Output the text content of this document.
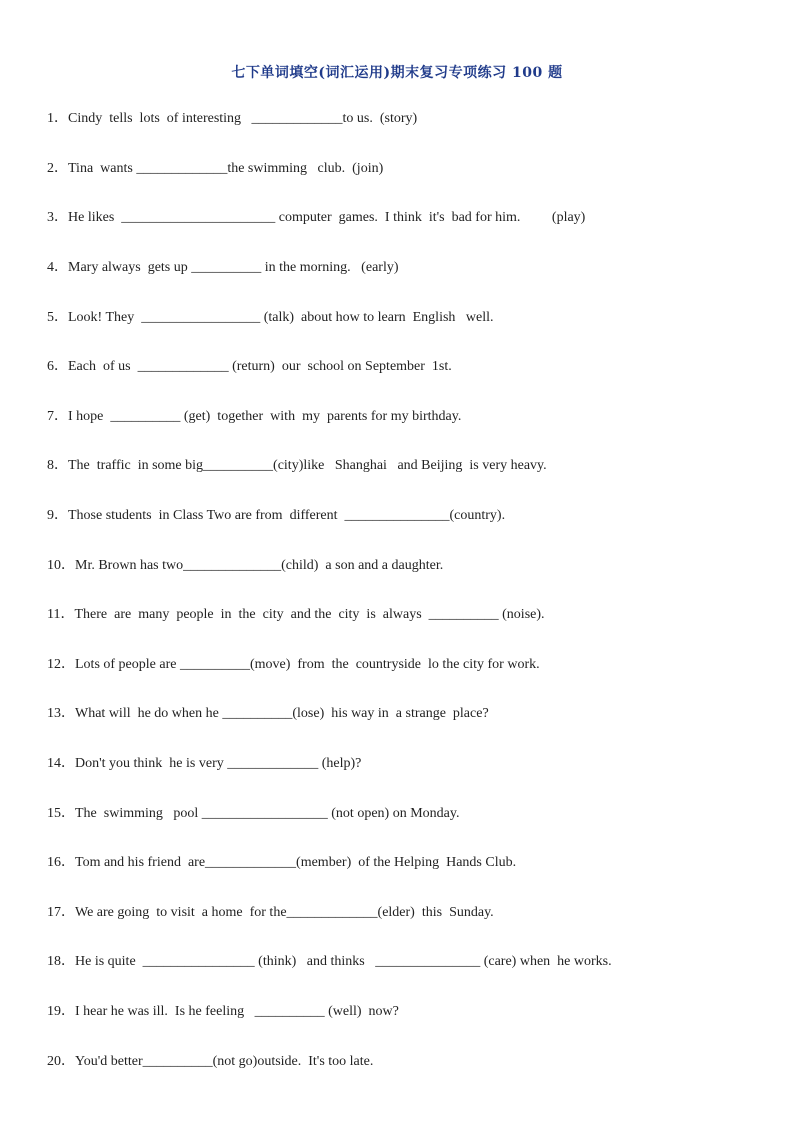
七下单词填空(词汇运用)期末复习专项练习 100 题
1．Cindy  tells  lots  of interesting   _____________to us.  (story)
2．Tina  wants _____________the swimming   club.  (join)
3．He likes  ______________________ computer  games.  I think  it's  bad for him.         (play)
4．Mary always  gets up __________ in the morning.   (early)
5．Look! They  _________________ (talk)  about how to learn  English   well.
6．Each  of us  _____________ (return)  our  school on September  1st.
7．I hope  __________ (get)  together  with  my  parents for my birthday.
8．The  traffic  in some big__________(city)like   Shanghai   and Beijing  is very heavy.
9．Those students  in Class Two are from  different  _______________(country).
10．Mr. Brown has two______________(child)  a son and a daughter.
11．There  are  many  people  in  the  city  and the  city  is  always  __________ (noise).
12．Lots of people are __________(move)  from  the  countryside  lo the city for work.
13．What will  he do when he __________(lose)  his way in  a strange  place?
14．Don't you think  he is very _____________ (help)?
15．The  swimming   pool __________________ (not open) on Monday.
16．Tom and his friend  are_____________(member)  of the Helping  Hands Club.
17．We are going  to visit  a home  for the_____________(elder)  this  Sunday.
18．He is quite  ________________ (think)   and thinks   _______________ (care) when  he works.
19．I hear he was ill.  Is he feeling   __________ (well)  now?
20．You'd better__________(not go)outside.  It's too late.
